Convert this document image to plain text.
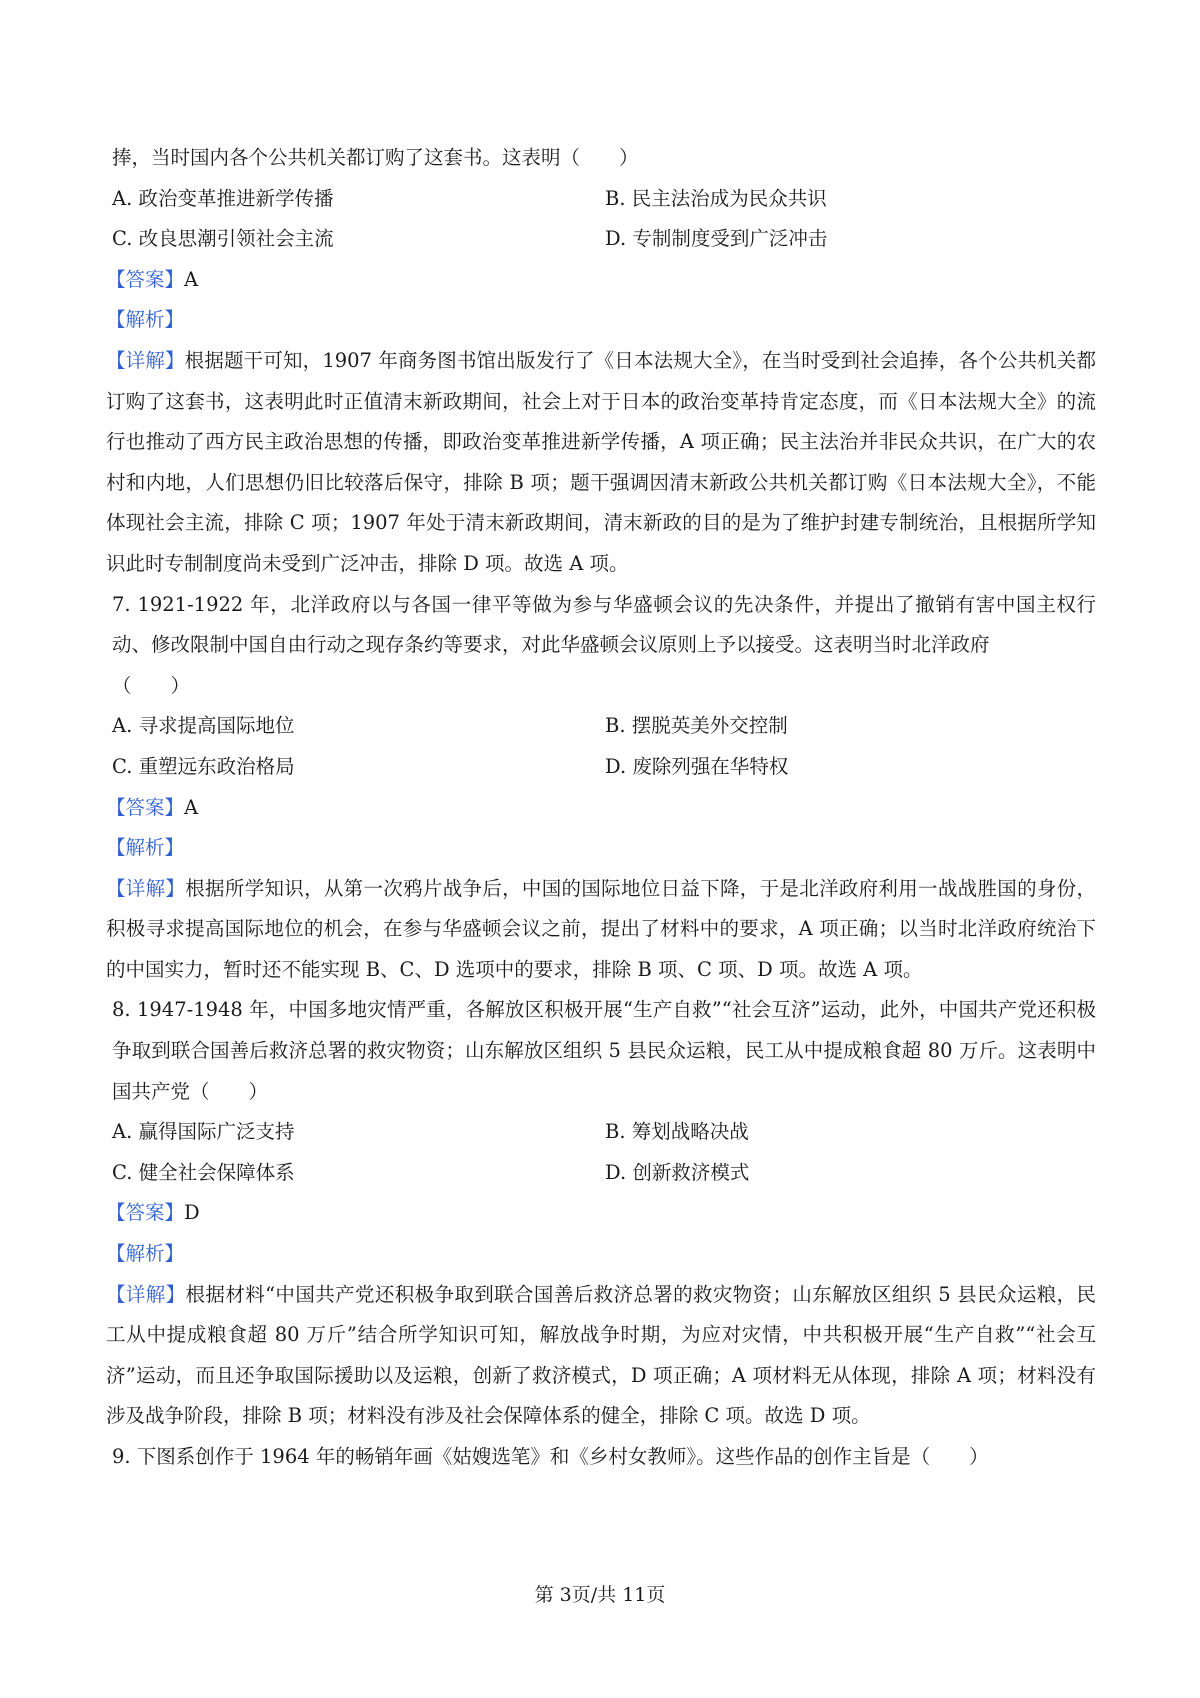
捧，当时国内各个公共机关都订购了这套书。这表明（　　）
A. 政治变革推进新学传播	B. 民主法治成为民众共识
C. 改良思潮引领社会主流	D. 专制制度受到广泛冲击
【答案】A
【解析】
【详解】根据题干可知，1907 年商务图书馆出版发行了《日本法规大全》，在当时受到社会追捧，各个公共机关都订购了这套书，这表明此时正值清末新政期间，社会上对于日本的政治变革持肯定态度，而《日本法规大全》的流行也推动了西方民主政治思想的传播，即政治变革推进新学传播，A 项正确；民主法治并非民众共识，在广大的农村和内地，人们思想仍旧比较落后保守，排除 B 项；题干强调因清末新政公共机关都订购《日本法规大全》，不能体现社会主流，排除 C 项；1907 年处于清末新政期间，清末新政的目的是为了维护封建专制统治，且根据所学知识此时专制制度尚未受到广泛冲击，排除 D 项。故选 A 项。
7. 1921-1922 年，北洋政府以与各国一律平等做为参与华盛顿会议的先决条件，并提出了撤销有害中国主权行动、修改限制中国自由行动之现存条约等要求，对此华盛顿会议原则上予以接受。这表明当时北洋政府
（　　）
A. 寻求提高国际地位	B. 摆脱英美外交控制
C. 重塑远东政治格局	D. 废除列强在华特权
【答案】A
【解析】
【详解】根据所学知识，从第一次鸦片战争后，中国的国际地位日益下降，于是北洋政府利用一战战胜国的身份，积极寻求提高国际地位的机会，在参与华盛顿会议之前，提出了材料中的要求，A 项正确；以当时北洋政府统治下的中国实力，暂时还不能实现 B、C、D 选项中的要求，排除 B 项、C 项、D 项。故选 A 项。
8. 1947-1948 年，中国多地灾情严重，各解放区积极开展“生产自救”“社会互济”运动，此外，中国共产党还积极争取到联合国善后救济总署的救灾物资；山东解放区组织 5 县民众运粮，民工从中提成粮食超 80 万斤。这表明中国共产党（　　）
A. 赢得国际广泛支持	B. 筹划战略决战
C. 健全社会保障体系	D. 创新救济模式
【答案】D
【解析】
【详解】根据材料“中国共产党还积极争取到联合国善后救济总署的救灾物资；山东解放区组织 5 县民众运粮，民工从中提成粮食超 80 万斤”结合所学知识可知，解放战争时期，为应对灾情，中共积极开展“生产自救”“社会互济”运动，而且还争取国际援助以及运粮，创新了救济模式，D 项正确；A 项材料无从体现，排除 A 项；材料没有涉及战争阶段，排除 B 项；材料没有涉及社会保障体系的健全，排除 C 项。故选 D 项。
9. 下图系创作于 1964 年的畅销年画《姑嫂选笔》和《乡村女教师》。这些作品的创作主旨是（　　）
第 3页/共 11页
